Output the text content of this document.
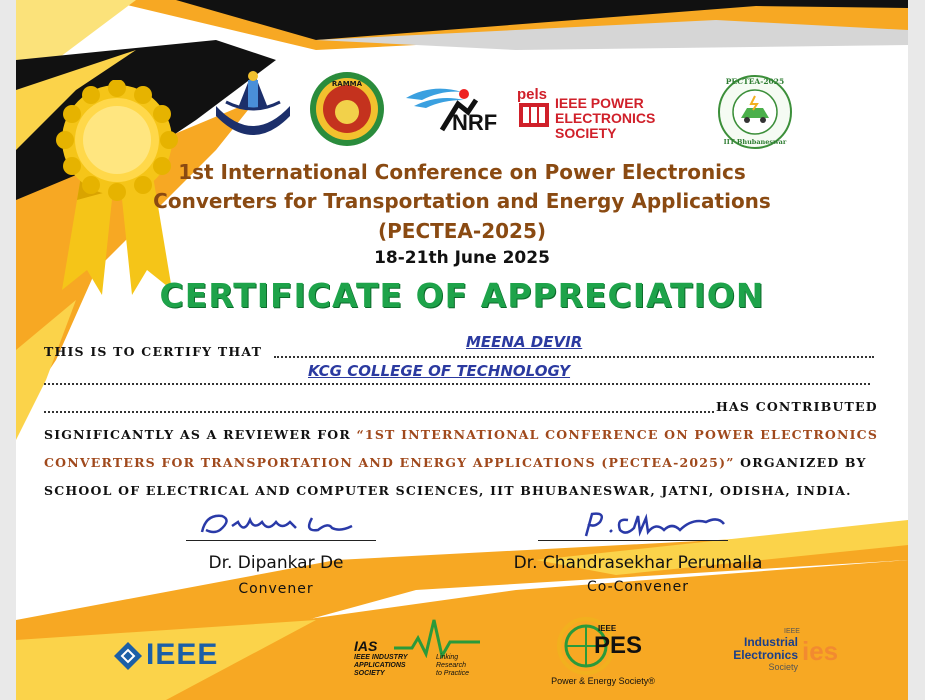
RAMMA
NRF
pels IEEE POWER
ELECTRONICS SOCIETY
PECTEA-2025
IIT Bhubaneswar
1st International Conference on Power Electronics
Converters for Transportation and Energy Applications
(PECTEA-2025)
18-21th June 2025
CERTIFICATE OF APPRECIATION
THIS IS TO CERTIFY THAT
MEENA DEVIR
KCG COLLEGE OF TECHNOLOGY
HAS CONTRIBUTED
SIGNIFICANTLY AS A REVIEWER FOR “1ST INTERNATIONAL CONFERENCE ON POWER ELECTRONICS
CONVERTERS FOR TRANSPORTATION AND ENERGY APPLICATIONS (PECTEA-2025)” ORGANIZED BY
SCHOOL OF ELECTRICAL AND COMPUTER SCIENCES, IIT BHUBANESWAR, JATNI, ODISHA, INDIA.
Dr. Dipankar De
Convener
Dr. Chandrasekhar Perumalla
Co-Convener
IEEE	IAS
IEEE INDUSTRY
APPLICATIONS
SOCIETY
Linking
Research
to Practice
IEEE
PES
Power & Energy Society®
IEEE
Industrial
Electronics
Society
ies
